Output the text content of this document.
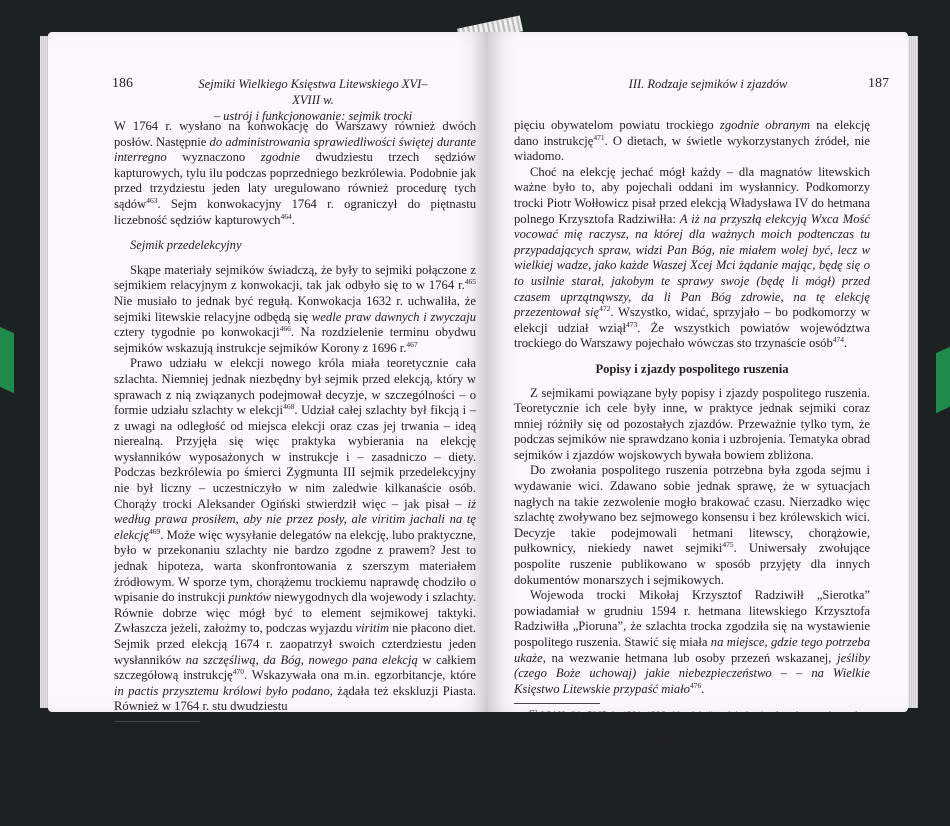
186	Sejmiki Wielkiego Księstwa Litewskiego XVI–XVIII w.
– ustrój i funkcjonowanie: sejmik trocki

W 1764 r. wysłano na konwokację do Warszawy również dwóch posłów. Następnie do administrowania sprawiedliwości świętej durante interregno wyznaczono zgodnie dwudziestu trzech sędziów kapturowych, tylu ilu podczas poprzedniego bezkrólewia. Podobnie jak przed trzydziestu jeden laty uregulowano również procedurę tych sądów$^{463}$. Sejm konwokacyjny 1764 r. ograniczył do piętnastu liczebność sędziów kapturowych$^{464}$.

Sejmik przedelekcyjny

Skąpe materiały sejmików świadczą, że były to sejmiki połączone z sejmikiem relacyjnym z konwokacji, tak jak odbyło się to w 1764 r.$^{465}$ Nie musiało to jednak być regułą. Konwokacja 1632 r. uchwaliła, że sejmiki litewskie relacyjne odbędą się wedle praw dawnych i zwyczaju cztery tygodnie po konwokacji$^{466}$. Na rozdzielenie terminu obydwu sejmików wskazują instrukcje sejmików Korony z 1696 r.$^{467}$

Prawo udziału w elekcji nowego króla miała teoretycznie cała szlachta. Niemniej jednak niezbędny był sejmik przed elekcją, który w sprawach z nią związanych podejmował decyzje, w szczególności – o formie udziału szlachty w elekcji$^{468}$. Udział całej szlachty był fikcją i – z uwagi na odległość od miejsca elekcji oraz czas jej trwania – ideą nierealną. Przyjęła się więc praktyka wybierania na elekcję wysłanników wyposażonych w instrukcje i – zasadniczo – diety. Podczas bezkrólewia po śmierci Zygmunta III sejmik przedelekcyjny nie był liczny – uczestniczyło w nim zaledwie kilkanaście osób. Chorąży trocki Aleksander Ogiński stwierdził więc – jak pisał – iż według prawa prosiłem, aby nie przez posły, ale viritim jachali na tę elekcję$^{469}$. Może więc wysyłanie delegatów na elekcję, lubo praktyczne, było w przekonaniu szlachty nie bardzo zgodne z prawem? Jest to jednak hipoteza, warta skonfrontowania z szerszym materiałem źródłowym. W sporze tym, chorążemu trockiemu naprawdę chodziło o wpisanie do instrukcji punktów niewygodnych dla wojewody i szlachty. Równie dobrze więc mógł być to element sejmikowej taktyki. Zwłaszcza jeżeli, założmy to, podczas wyjazdu viritim nie płacono diet. Sejmik przed elekcją 1674 r. zaopatrzył swoich czterdziestu jeden wysłanników na szczęśliwą, da Bóg, nowego pana elekcją w całkiem szczegółową instrukcję$^{470}$. Wskazywała ona m.in. egzorbitancje, które in pactis przysztemu królowi było podano, żądała też ekskluzji Piasta. Również w 1764 r. stu dwudziestu

$^{463}$ LPAH, SA–5965, k. 1032.
$^{464}$ VL, VII, 185.
$^{465}$ LPAH, SA–5965, k. 1034 n.
$^{466}$ VL, III, 736.
$^{467}$ H. Olszewski, Nowe materiały do „Chronologii sejmów polskich”, s. 234.
$^{468}$ S. Płaza, Sejmiki i zjazdy, s. 138.
$^{469}$ AGAD, AR V, nr 10694, 17 sierpnia 1632 r.
$^{470}$ BUWiL, F. 7, księga grodzka trocka za lata 1674–1677, k. 110–113 v.
III. Rodzaje sejmików i zjazdów	187

pięciu obywatelom powiatu trockiego zgodnie obranym na elekcję dano instrukcję$^{471}$. O dietach, w świetle wykorzystanych źródeł, nie wiadomo.

Choć na elekcję jechać mógł każdy – dla magnatów litewskich ważne było to, aby pojechali oddani im wysłannicy. Podkomorzy trocki Piotr Wołłowicz pisał przed elekcją Władysława IV do hetmana polnego Krzysztofa Radziwiłła: A iż na przyszłą elekcyją Wxca Mość vocować mię raczysz, na której dla ważnych moich podtenczas tu przypadających spraw, widzi Pan Bóg, nie miałem wolej być, lecz w wielkiej wadze, jako każde Waszej Xcej Mci żądanie mając, będę się o to usilnie starał, jakobym te sprawy swoje (będę li mógł) przed czasem uprzątnąwszy, da li Pan Bóg zdrowie, na tę elekcję przezentował się$^{472}$. Wszystko, widać, sprzyjało – bo podkomorzy w elekcji udział wziął$^{473}$. Że wszystkich powiatów województwa trockiego do Warszawy pojechało wówczas sto trzynaście osób$^{474}$.

Popisy i zjazdy pospolitego ruszenia

Z sejmikami powiązane były popisy i zjazdy pospolitego ruszenia. Teoretycznie ich cele były inne, w praktyce jednak sejmiki coraz mniej różniły się od pozostałych zjazdów. Przeważnie tylko tym, że podczas sejmików nie sprawdzano konia i uzbrojenia. Tematyka obrad sejmików i zjazdów wojskowych bywała bowiem zbliżona.

Do zwołania pospolitego ruszenia potrzebna była zgoda sejmu i wydawanie wici. Zdawano sobie jednak sprawę, że w sytuacjach nagłych na takie zezwolenie mogło brakować czasu. Nierzadko więc szlachtę zwoływano bez sejmowego konsensu i bez królewskich wici. Decyzje takie podejmowali hetmani litewscy, chorążowie, pułkownicy, niekiedy nawet sejmiki$^{475}$. Uniwersały zwołujące pospolite ruszenie publikowano w sposób przyjęty dla innych dokumentów monarszych i sejmikowych.

Wojewoda trocki Mikołaj Krzysztof Radziwiłł „Sierotka” powiadamiał w grudniu 1594 r. hetmana litewskiego Krzysztofa Radziwiłła „Pioruna”, że szlachta trocka zgodziła się na wystawienie pospolitego ruszenia. Stawić się miała na miejsce, gdzie tego potrzeba ukaże, na wezwanie hetmana lub osoby przezeń wskazanej, jeśliby (czego Boże uchowaj) jakie niebezpieczeństwo – – na Wielkie Księstwo Litewskie przypaść miało$^{476}$.

$^{471}$ LPAH, SA–5965, k. 1381–1386. Akt elekcji podpisała niecała połowa wybranych w Trockach wysłanników, VL, VII, 243–244. Jest kwestią otwartą: nie dojechali czy też – nie przepadali za stolnikiem litewskim i dlatego nie podpisali?
$^{472}$ AGAD, AR V, nr 17984, 9 sierpnia 1632 r.
$^{473}$ W. Kaczorowski, Sejmy konwokacyjny i elekcyjny, s. 257.
$^{474}$ Ibidem, s. 305.
$^{475}$ S. Płaza, Sejmiki i zjazdy, s. 150; A. Tyla, Znaczenie pospolitego ruszenia w obronie Wielkiego Księstwa Litewskiego w XVI–XVII w. [w:] Profesor Henryk Łowmiański, s. 128.
$^{476}$ AGAD, AR II, nr 287.
